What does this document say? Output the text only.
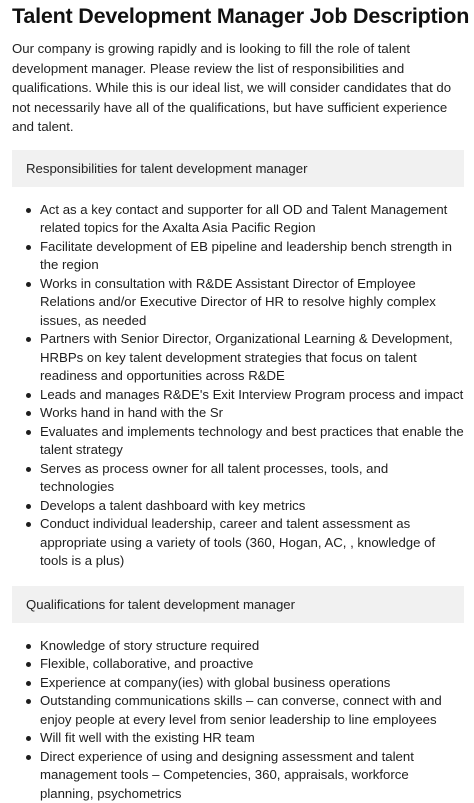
Talent Development Manager Job Description

Our company is growing rapidly and is looking to fill the role of talent development manager. Please review the list of responsibilities and qualifications. While this is our ideal list, we will consider candidates that do not necessarily have all of the qualifications, but have sufficient experience and talent.

Responsibilities for talent development manager
Act as a key contact and supporter for all OD and Talent Management related topics for the Axalta Asia Pacific Region
Facilitate development of EB pipeline and leadership bench strength in the region
Works in consultation with R&DE Assistant Director of Employee Relations and/or Executive Director of HR to resolve highly complex issues, as needed
Partners with Senior Director, Organizational Learning & Development, HRBPs on key talent development strategies that focus on talent readiness and opportunities across R&DE
Leads and manages R&DE's Exit Interview Program process and impact
Works hand in hand with the Sr
Evaluates and implements technology and best practices that enable the talent strategy
Serves as process owner for all talent processes, tools, and technologies
Develops a talent dashboard with key metrics
Conduct individual leadership, career and talent assessment as appropriate using a variety of tools (360, Hogan, AC, , knowledge of tools is a plus)
Qualifications for talent development manager
Knowledge of story structure required
Flexible, collaborative, and proactive
Experience at company(ies) with global business operations
Outstanding communications skills – can converse, connect with and enjoy people at every level from senior leadership to line employees
Will fit well with the existing HR team
Direct experience of using and designing assessment and talent management tools – Competencies, 360, appraisals, workforce planning, psychometrics
